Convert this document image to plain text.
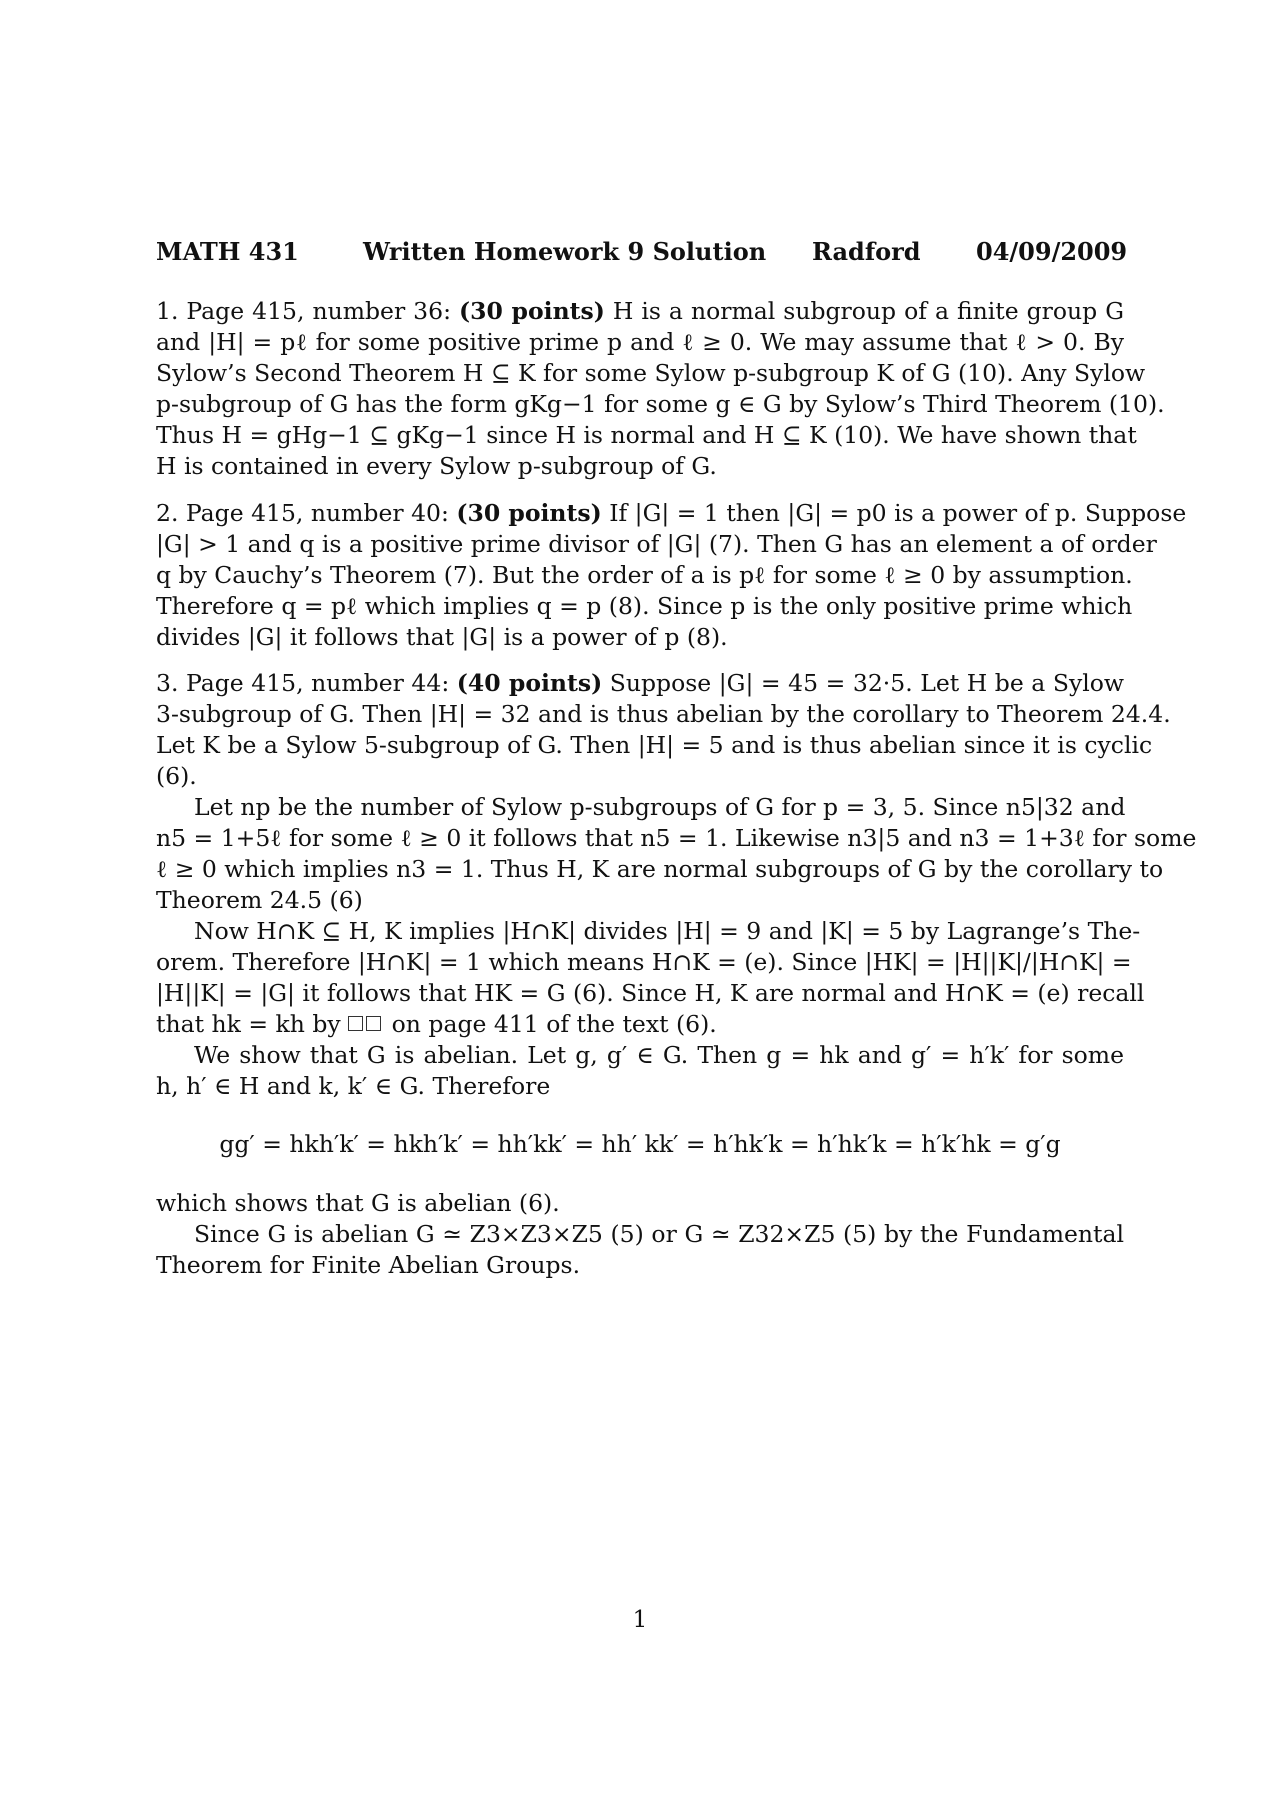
MATH 431	Written Homework 9 Solution Radford 04/09/2009
1. Page 415, number 36: (30 points) H is a normal subgroup of a finite group G
and |H| = pℓ for some positive prime p and ℓ ≥ 0. We may assume that ℓ > 0. By
Sylow’s Second Theorem H ⊆ K for some Sylow p-subgroup K of G (10). Any Sylow
p-subgroup of G has the form gKg−1 for some g ∈ G by Sylow’s Third Theorem (10).
Thus H = gHg−1 ⊆ gKg−1 since H is normal and H ⊆ K (10). We have shown that
H is contained in every Sylow p-subgroup of G.
2. Page 415, number 40: (30 points) If |G| = 1 then |G| = p0 is a power of p. Suppose
|G| > 1 and q is a positive prime divisor of |G| (7). Then G has an element a of order
q by Cauchy’s Theorem (7). But the order of a is pℓ for some ℓ ≥ 0 by assumption.
Therefore q = pℓ which implies q = p (8). Since p is the only positive prime which
divides |G| it follows that |G| is a power of p (8).
3. Page 415, number 44: (40 points) Suppose |G| = 45 = 32·5. Let H be a Sylow
3-subgroup of G. Then |H| = 32 and is thus abelian by the corollary to Theorem 24.4.
Let K be a Sylow 5-subgroup of G. Then |H| = 5 and is thus abelian since it is cyclic
(6).
Let np be the number of Sylow p-subgroups of G for p = 3, 5. Since n5|32 and
n5 = 1+5ℓ for some ℓ ≥ 0 it follows that n5 = 1. Likewise n3|5 and n3 = 1+3ℓ for some
ℓ ≥ 0 which implies n3 = 1. Thus H, K are normal subgroups of G by the corollary to
Theorem 24.5 (6)
Now H∩K ⊆ H, K implies |H∩K| divides |H| = 9 and |K| = 5 by Lagrange’s The-
orem. Therefore |H∩K| = 1 which means H∩K = (e). Since |HK| = |H||K|/|H∩K| =
|H||K| = |G| it follows that HK = G (6). Since H, K are normal and H∩K = (e) recall
that hk = kh by on page 411 of the text (6).
We show that G is abelian. Let g, g′ ∈ G. Then g = hk and g′ = h′k′ for some
h, h′ ∈ H and k, k′ ∈ G. Therefore
gg′ = hkh′k′ = hkh′k′ = hh′kk′ = hh′ kk′ = h′hk′k = h′hk′k = h′k′hk = g′g
which shows that G is abelian (6).
Since G is abelian G ≃ Z3×Z3×Z5 (5) or G ≃ Z32×Z5 (5) by the Fundamental
Theorem for Finite Abelian Groups.
1
